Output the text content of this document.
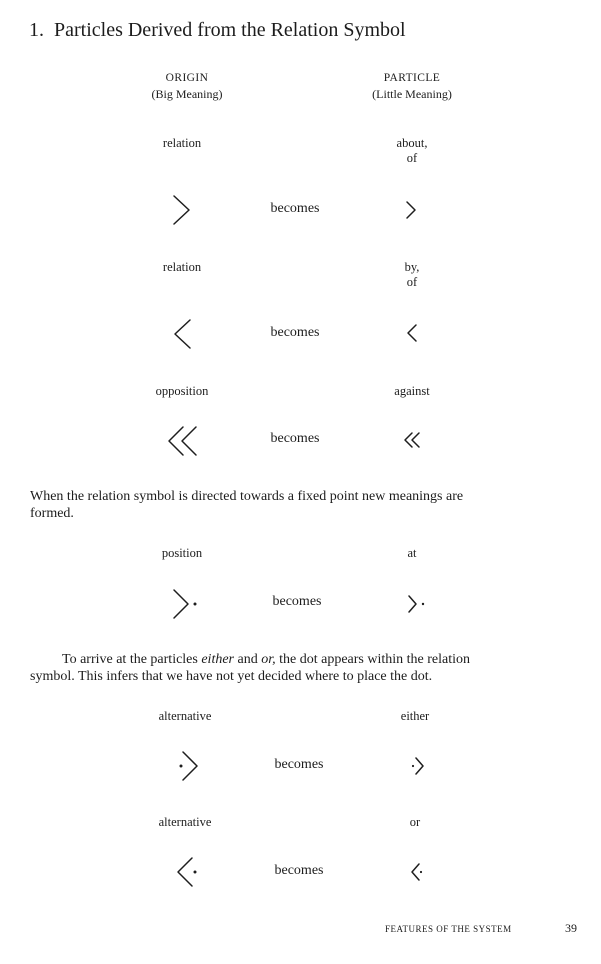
1. Particles Derived from the Relation Symbol
ORIGIN
(Big Meaning)
PARTICLE
(Little Meaning)
relation	about,
of
becomes
relation	by,
of
becomes
opposition	against
becomes
When the relation symbol is directed towards a fixed point new meanings are
formed.
position	at
becomes
To arrive at the particles either and or, the dot appears within the relation
symbol. This infers that we have not yet decided where to place the dot.
alternative	either
becomes
alternative	or
becomes
FEATURES OF THE SYSTEM	39
